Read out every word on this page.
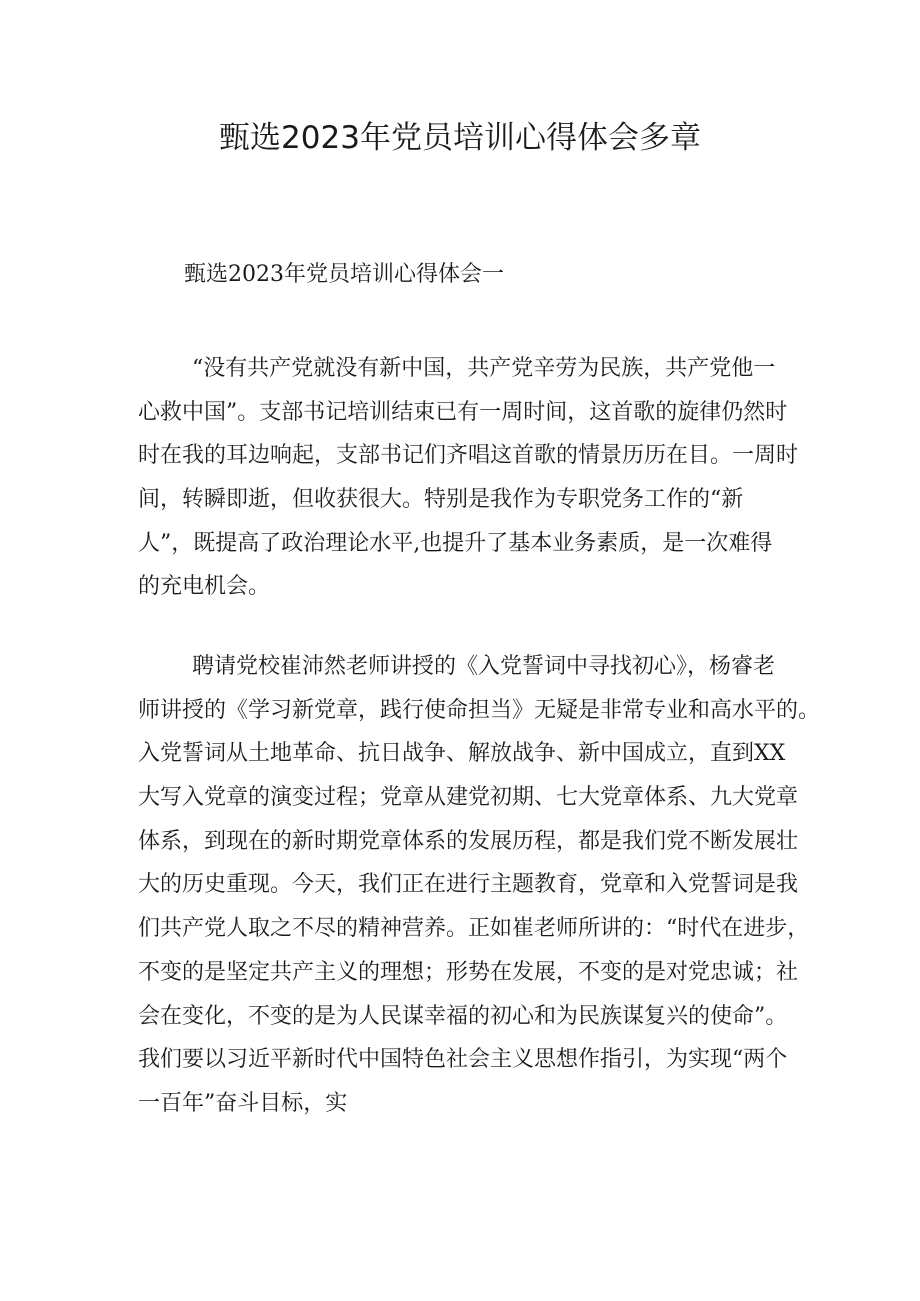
甄选2023年党员培训心得体会多章

甄选2023年党员培训心得体会一

“没有共产党就没有新中国，共产党辛劳为民族，共产党他一
心救中国”。支部书记培训结束已有一周时间，这首歌的旋律仍然时
时在我的耳边响起，支部书记们齐唱这首歌的情景历历在目。一周时
间，转瞬即逝，但收获很大。特别是我作为专职党务工作的“新
人”，既提高了政治理论水平,也提升了基本业务素质，是一次难得
的充电机会。
聘请党校崔沛然老师讲授的《入党誓词中寻找初心》，杨睿老
师讲授的《学习新党章，践行使命担当》无疑是非常专业和高水平的。
入党誓词从土地革命、抗日战争、解放战争、新中国成立，直到XX
大写入党章的演变过程；党章从建党初期、七大党章体系、九大党章
体系，到现在的新时期党章体系的发展历程，都是我们党不断发展壮
大的历史重现。今天，我们正在进行主题教育，党章和入党誓词是我
们共产党人取之不尽的精神营养。正如崔老师所讲的：“时代在进步，
不变的是坚定共产主义的理想；形势在发展，不变的是对党忠诚；社
会在变化，不变的是为人民谋幸福的初心和为民族谋复兴的使命”。
我们要以习近平新时代中国特色社会主义思想作指引，为实现“两个
一百年”奋斗目标，实
